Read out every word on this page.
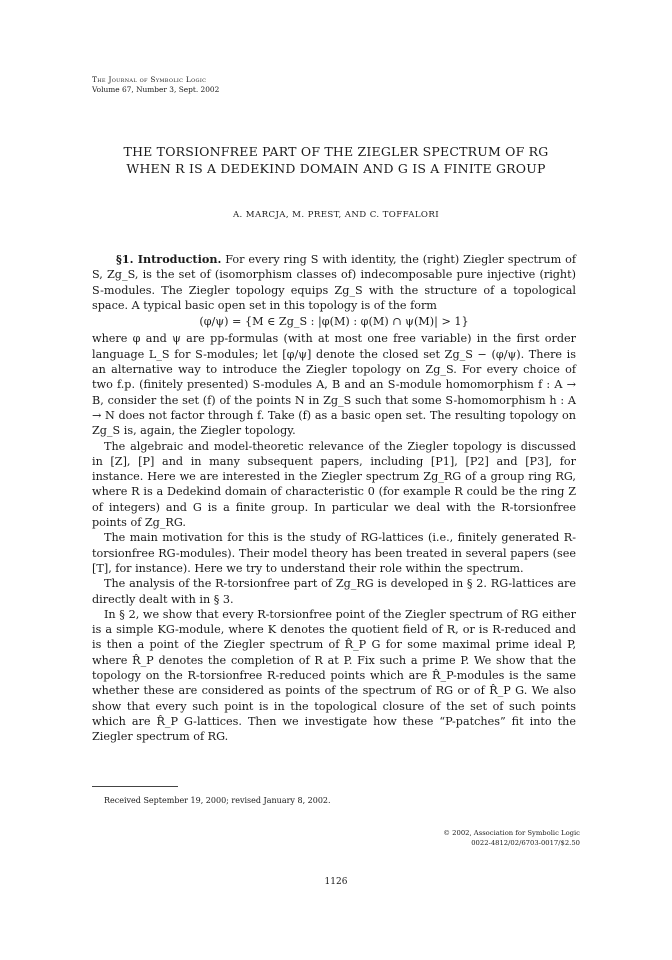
The Journal of Symbolic Logic
Volume 67, Number 3, Sept. 2002
THE TORSIONFREE PART OF THE ZIEGLER SPECTRUM OF RG
WHEN R IS A DEDEKIND DOMAIN AND G IS A FINITE GROUP
A. MARCJA, M. PREST, AND C. TOFFALORI

§1. Introduction. For every ring S with identity, the (right) Ziegler spectrum of S, Zg_S, is the set of (isomorphism classes of) indecomposable pure injective (right) S-modules. The Ziegler topology equips Zg_S with the structure of a topological space. A typical basic open set in this topology is of the form

(φ/ψ) = {M ∈ Zg_S : |φ(M) : φ(M) ∩ ψ(M)| > 1}

where φ and ψ are pp-formulas (with at most one free variable) in the first order language L_S for S-modules; let [φ/ψ] denote the closed set Zg_S − (φ/ψ). There is an alternative way to introduce the Ziegler topology on Zg_S. For every choice of two f.p. (finitely presented) S-modules A, B and an S-module homomorphism f : A → B, consider the set (f) of the points N in Zg_S such that some S-homomorphism h : A → N does not factor through f. Take (f) as a basic open set. The resulting topology on Zg_S is, again, the Ziegler topology.

The algebraic and model-theoretic relevance of the Ziegler topology is discussed in [Z], [P] and in many subsequent papers, including [P1], [P2] and [P3], for instance. Here we are interested in the Ziegler spectrum Zg_RG of a group ring RG, where R is a Dedekind domain of characteristic 0 (for example R could be the ring Z of integers) and G is a finite group. In particular we deal with the R-torsionfree points of Zg_RG.

The main motivation for this is the study of RG-lattices (i.e., finitely generated R-torsionfree RG-modules). Their model theory has been treated in several papers (see [T], for instance). Here we try to understand their role within the spectrum.

The analysis of the R-torsionfree part of Zg_RG is developed in § 2. RG-lattices are directly dealt with in § 3.

In § 2, we show that every R-torsionfree point of the Ziegler spectrum of RG either is a simple KG-module, where K denotes the quotient field of R, or is R-reduced and is then a point of the Ziegler spectrum of R̂_P G for some maximal prime ideal P, where R̂_P denotes the completion of R at P. Fix such a prime P. We show that the topology on the R-torsionfree R-reduced points which are R̂_P-modules is the same whether these are considered as points of the spectrum of RG or of R̂_P G. We also show that every such point is in the topological closure of the set of such points which are R̂_P G-lattices. Then we investigate how these “P-patches” fit into the Ziegler spectrum of RG.

Received September 19, 2000; revised January 8, 2002.
© 2002, Association for Symbolic Logic
0022-4812/02/6703-0017/$2.50
1126
